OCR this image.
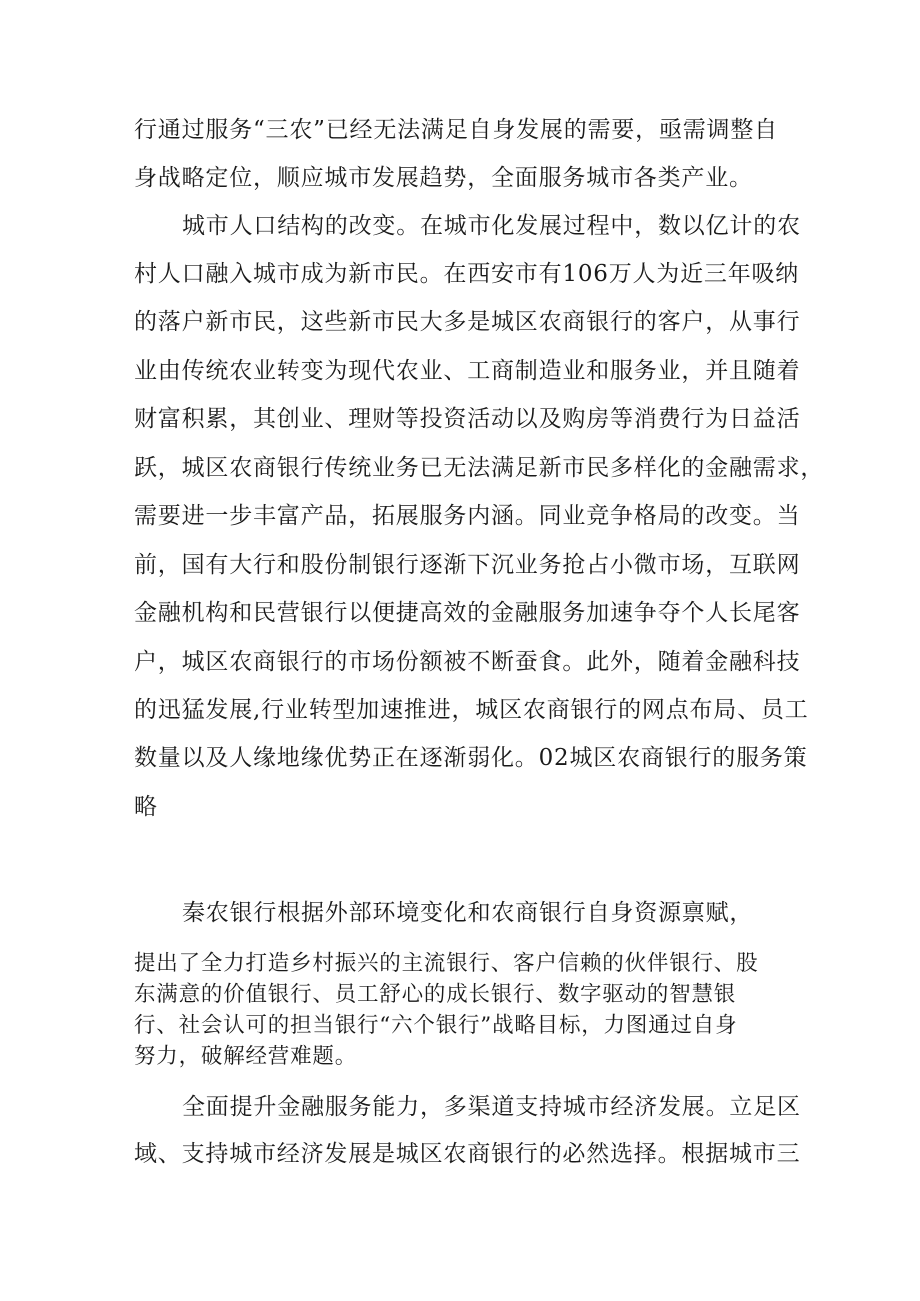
行通过服务“三农”已经无法满足自身发展的需要，亟需调整自
身战略定位，顺应城市发展趋势，全面服务城市各类产业。
城市人口结构的改变。在城市化发展过程中，数以亿计的农
村人口融入城市成为新市民。在西安市有106万人为近三年吸纳
的落户新市民，这些新市民大多是城区农商银行的客户，从事行
业由传统农业转变为现代农业、工商制造业和服务业，并且随着
财富积累，其创业、理财等投资活动以及购房等消费行为日益活
跃，城区农商银行传统业务已无法满足新市民多样化的金融需求，
需要进一步丰富产品，拓展服务内涵。同业竞争格局的改变。当
前，国有大行和股份制银行逐渐下沉业务抢占小微市场，互联网
金融机构和民营银行以便捷高效的金融服务加速争夺个人长尾客
户，城区农商银行的市场份额被不断蚕食。此外，随着金融科技
的迅猛发展,行业转型加速推进，城区农商银行的网点布局、员工
数量以及人缘地缘优势正在逐渐弱化。02城区农商银行的服务策
略
秦农银行根据外部环境变化和农商银行自身资源禀赋，
提出了全力打造乡村振兴的主流银行、客户信赖的伙伴银行、股
东满意的价值银行、员工舒心的成长银行、数字驱动的智慧银
行、社会认可的担当银行“六个银行”战略目标，力图通过自身
努力，破解经营难题。
全面提升金融服务能力，多渠道支持城市经济发展。立足区
域、支持城市经济发展是城区农商银行的必然选择。根据城市三
